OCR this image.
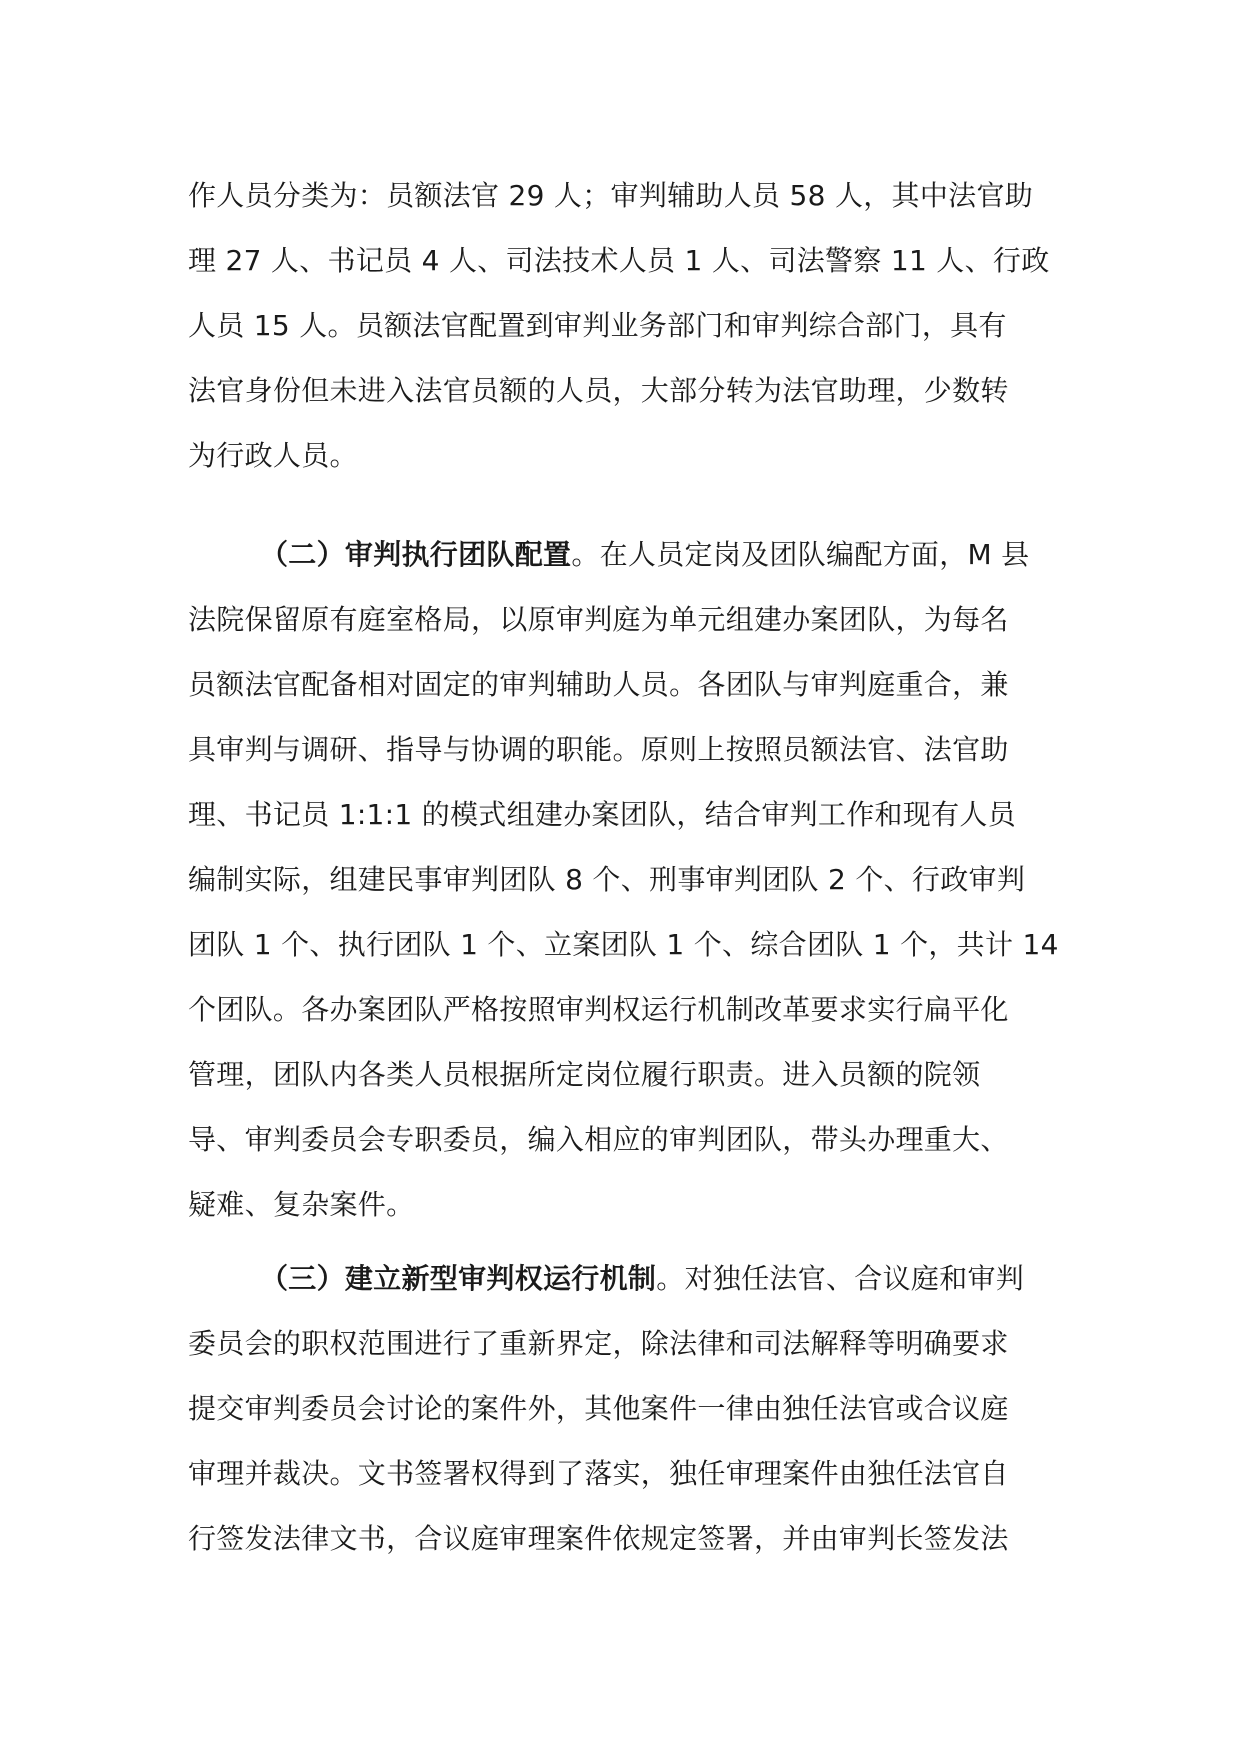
作人员分类为：员额法官 29 人；审判辅助人员 58 人，其中法官助
理 27 人、书记员 4 人、司法技术人员 1 人、司法警察 11 人、行政
人员 15 人。员额法官配置到审判业务部门和审判综合部门，具有
法官身份但未进入法官员额的人员，大部分转为法官助理，少数转
为行政人员。
（二）审判执行团队配置。在人员定岗及团队编配方面，M 县
法院保留原有庭室格局，以原审判庭为单元组建办案团队，为每名
员额法官配备相对固定的审判辅助人员。各团队与审判庭重合，兼
具审判与调研、指导与协调的职能。原则上按照员额法官、法官助
理、书记员 1:1:1 的模式组建办案团队，结合审判工作和现有人员
编制实际，组建民事审判团队 8 个、刑事审判团队 2 个、行政审判
团队 1 个、执行团队 1 个、立案团队 1 个、综合团队 1 个，共计 14
个团队。各办案团队严格按照审判权运行机制改革要求实行扁平化
管理，团队内各类人员根据所定岗位履行职责。进入员额的院领
导、审判委员会专职委员，编入相应的审判团队，带头办理重大、
疑难、复杂案件。
（三）建立新型审判权运行机制。对独任法官、合议庭和审判
委员会的职权范围进行了重新界定，除法律和司法解释等明确要求
提交审判委员会讨论的案件外，其他案件一律由独任法官或合议庭
审理并裁决。文书签署权得到了落实，独任审理案件由独任法官自
行签发法律文书，合议庭审理案件依规定签署，并由审判长签发法
